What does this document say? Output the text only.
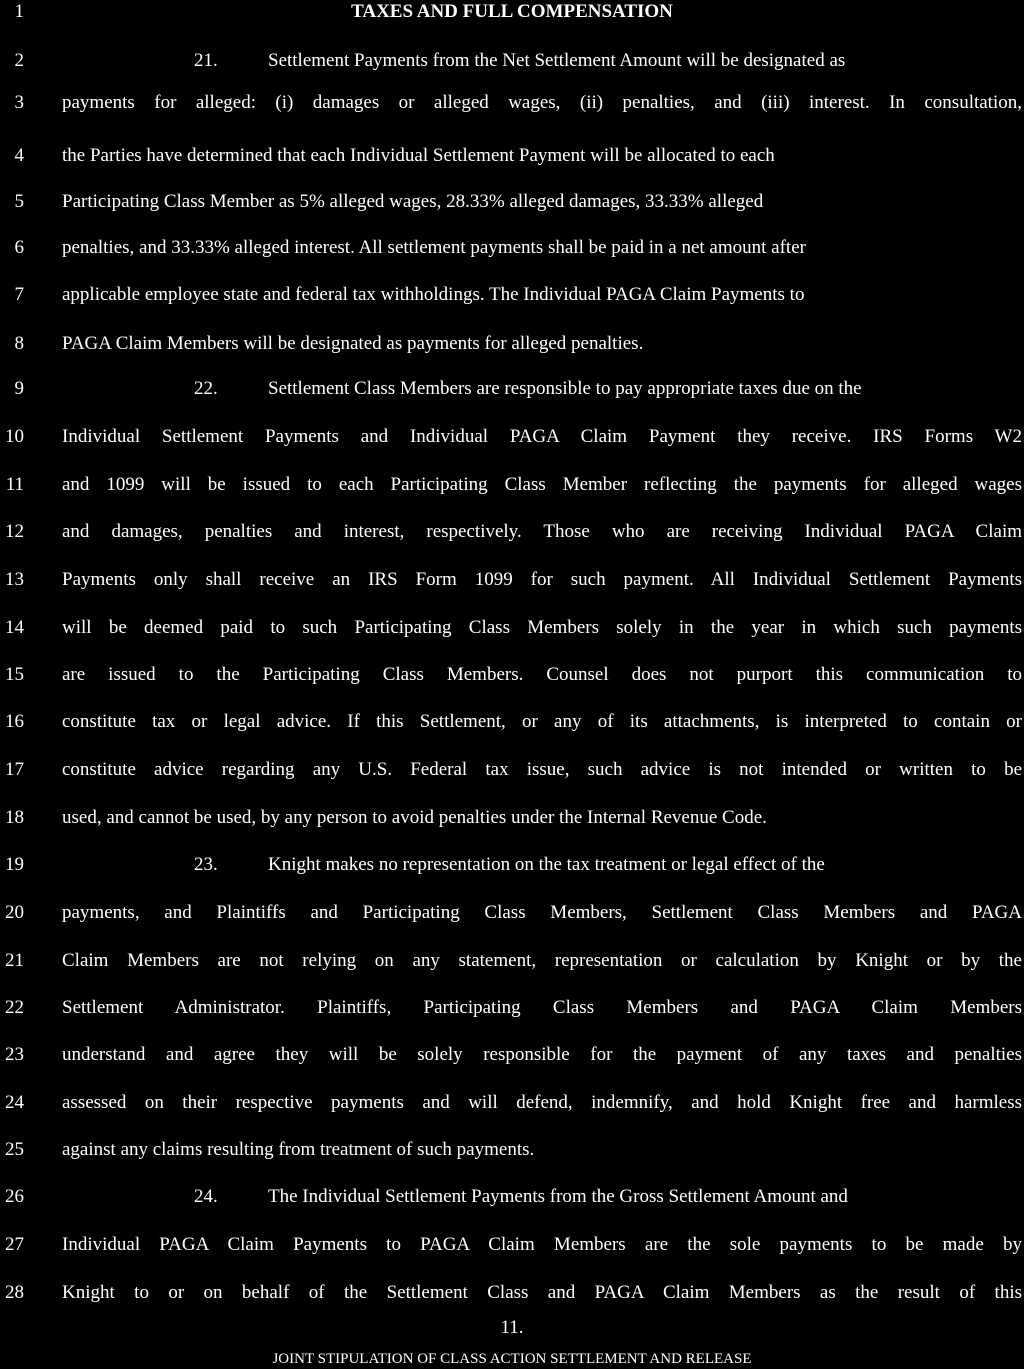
TAXES AND FULL COMPENSATION
1
2	21.	Settlement Payments from the Net Settlement Amount will be designated as
3 payments for alleged: (i) damages or alleged wages, (ii) penalties, and (iii) interest. In consultation,
4 the Parties have determined that each Individual Settlement Payment will be allocated to each
5 Participating Class Member as 5% alleged wages, 28.33% alleged damages, 33.33% alleged
6 penalties, and 33.33% alleged interest. All settlement payments shall be paid in a net amount after
7 applicable employee state and federal tax withholdings. The Individual PAGA Claim Payments to
8 PAGA Claim Members will be designated as payments for alleged penalties.
9	22.	Settlement Class Members are responsible to pay appropriate taxes due on the
10 Individual Settlement Payments and Individual PAGA Claim Payment they receive. IRS Forms W2
11 and 1099 will be issued to each Participating Class Member reflecting the payments for alleged wages
12 and damages, penalties and interest, respectively. Those who are receiving Individual PAGA Claim
13 Payments only shall receive an IRS Form 1099 for such payment. All Individual Settlement Payments
14 will be deemed paid to such Participating Class Members solely in the year in which such payments
15 are issued to the Participating Class Members. Counsel does not purport this communication to
16 constitute tax or legal advice. If this Settlement, or any of its attachments, is interpreted to contain or
17 constitute advice regarding any U.S. Federal tax issue, such advice is not intended or written to be
18 used, and cannot be used, by any person to avoid penalties under the Internal Revenue Code.
19	23.	Knight makes no representation on the tax treatment or legal effect of the
20 payments, and Plaintiffs and Participating Class Members, Settlement Class Members and PAGA
21 Claim Members are not relying on any statement, representation or calculation by Knight or by the
22 Settlement Administrator. Plaintiffs, Participating Class Members and PAGA Claim Members
23 understand and agree they will be solely responsible for the payment of any taxes and penalties
24 assessed on their respective payments and will defend, indemnify, and hold Knight free and harmless
25 against any claims resulting from treatment of such payments.
26	24.	The Individual Settlement Payments from the Gross Settlement Amount and
27 Individual PAGA Claim Payments to PAGA Claim Members are the sole payments to be made by
28 Knight to or on behalf of the Settlement Class and PAGA Claim Members as the result of this
11.
JOINT STIPULATION OF CLASS ACTION SETTLEMENT AND RELEASE
